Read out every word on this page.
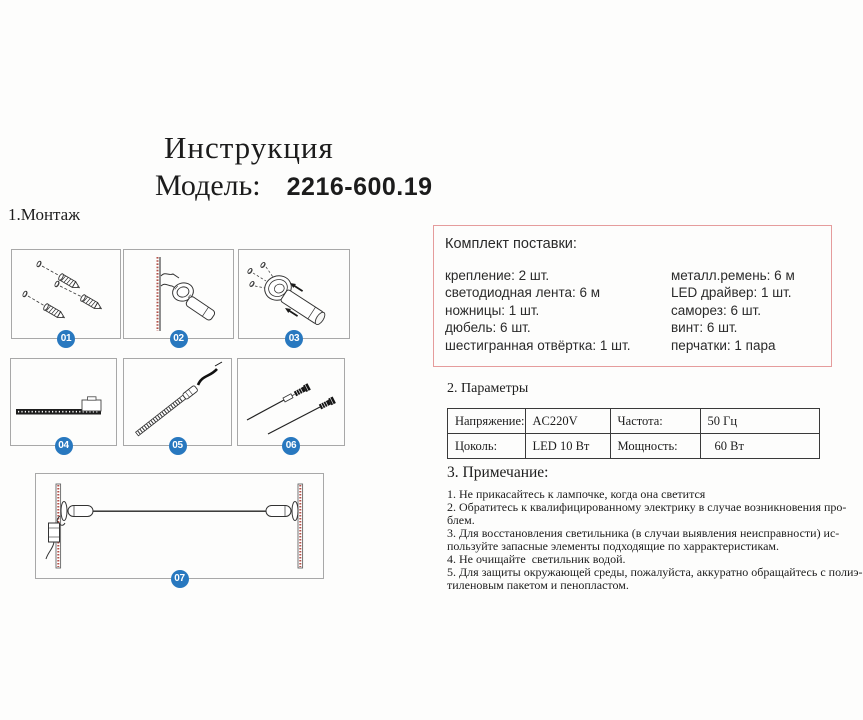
Инструкция
Модель: 2216-600.19
1.Монтаж
01	02	03
04	05	06
07
Комплект поставки:
крепление: 2 шт.
светодиодная лента: 6 м
ножницы: 1 шт.
дюбель: 6 шт.
шестигранная отвёртка: 1 шт.
металл.ремень: 6 м
LED драйвер: 1 шт.
саморез: 6 шт.
винт: 6 шт.
перчатки: 1 пара
2. Параметры
Напряжение:	AC220V	Частота:	50 Гц
Цоколь:	LED 10 Вт	Мощность:	60 Вт
3. Примечание:
1. Не прикасайтесь к лампочке, когда она светится
2. Обратитесь к квалифицированному электрику в случае возникновения про-
блем.
3. Для восстановления светильника (в случаи выявления неисправности) ис-
пользуйте запасные элементы подходящие по харрактеристикам.
4. Не очищайте  светильник водой.
5. Для защиты окружающей среды, пожалуйста, аккуратно обращайтесь с полиэ-
тиленовым пакетом и пенопластом.
